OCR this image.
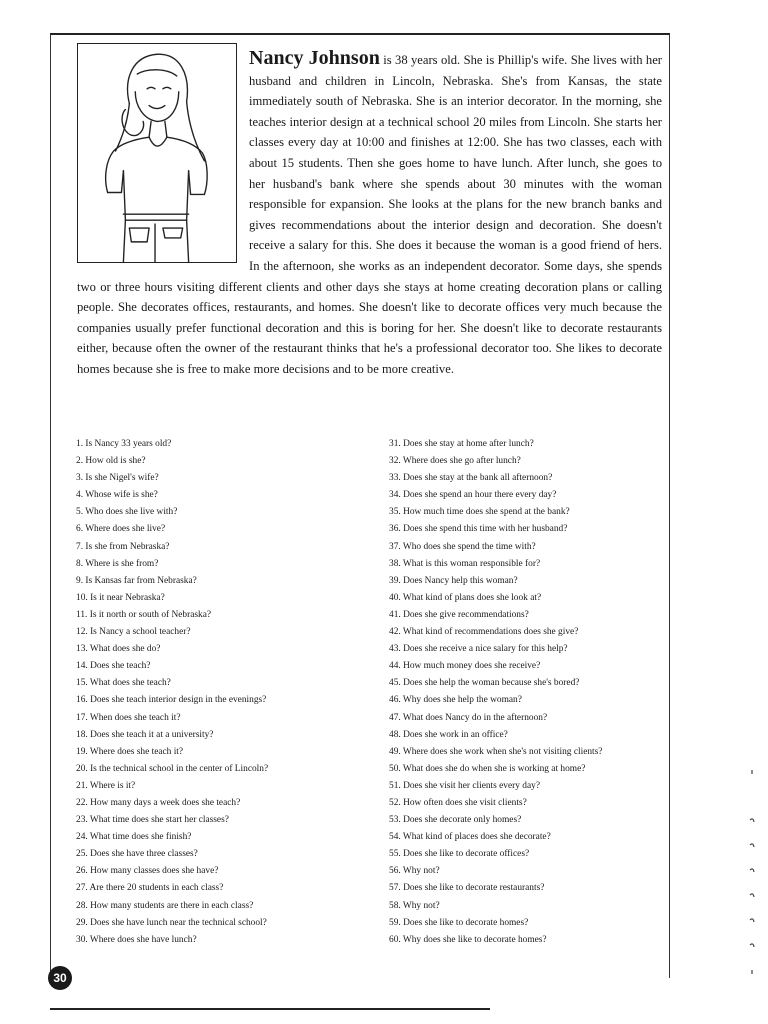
Nancy Johnson is 38 years old. She is Phillip's wife. She lives with her husband and children in Lincoln, Nebraska. She's from Kansas, the state immediately south of Nebraska. She is an interior decorator. In the morning, she teaches interior design at a technical school 20 miles from Lincoln. She starts her classes every day at 10:00 and finishes at 12:00. She has two classes, each with about 15 students. Then she goes home to have lunch. After lunch, she goes to her husband's bank where she spends about 30 minutes with the woman responsible for expansion. She looks at the plans for the new branch banks and gives recommendations about the interior design and decoration. She doesn't receive a salary for this. She does it because the woman is a good friend of hers. In the afternoon, she works as an independent decorator. Some days, she spends two or three hours visiting different clients and other days she stays at home creating decoration plans or calling people. She decorates offices, restaurants, and homes. She doesn't like to decorate offices very much because the companies usually prefer functional decoration and this is boring for her. She doesn't like to decorate restaurants either, because often the owner of the restaurant thinks that he's a professional decorator too. She likes to decorate homes because she is free to make more decisions and to be more creative.

1. Is Nancy 33 years old?
2. How old is she?
3. Is she Nigel's wife?
4. Whose wife is she?
5. Who does she live with?
6. Where does she live?
7. Is she from Nebraska?
8. Where is she from?
9. Is Kansas far from Nebraska?
10. Is it near Nebraska?
11. Is it north or south of Nebraska?
12. Is Nancy a school teacher?
13. What does she do?
14. Does she teach?
15. What does she teach?
16. Does she teach interior design in the evenings?
17. When does she teach it?
18. Does she teach it at a university?
19. Where does she teach it?
20. Is the technical school in the center of Lincoln?
21. Where is it?
22. How many days a week does she teach?
23. What time does she start her classes?
24. What time does she finish?
25. Does she have three classes?
26. How many classes does she have?
27. Are there 20 students in each class?
28. How many students are there in each class?
29. Does she have lunch near the technical school?
30. Where does she have lunch?
31. Does she stay at home after lunch?
32. Where does she go after lunch?
33. Does she stay at the bank all afternoon?
34. Does she spend an hour there every day?
35. How much time does she spend at the bank?
36. Does she spend this time with her husband?
37. Who does she spend the time with?
38. What is this woman responsible for?
39. Does Nancy help this woman?
40. What kind of plans does she look at?
41. Does she give recommendations?
42. What kind of recommendations does she give?
43. Does she receive a nice salary for this help?
44. How much money does she receive?
45. Does she help the woman because she's bored?
46. Why does she help the woman?
47. What does Nancy do in the afternoon?
48. Does she work in an office?
49. Where does she work when she's not visiting clients?
50. What does she do when she is working at home?
51. Does she visit her clients every day?
52. How often does she visit clients?
53. Does she decorate only homes?
54. What kind of places does she decorate?
55. Does she like to decorate offices?
56. Why not?
57. Does she like to decorate restaurants?
58. Why not?
59. Does she like to decorate homes?
60. Why does she like to decorate homes?
30
